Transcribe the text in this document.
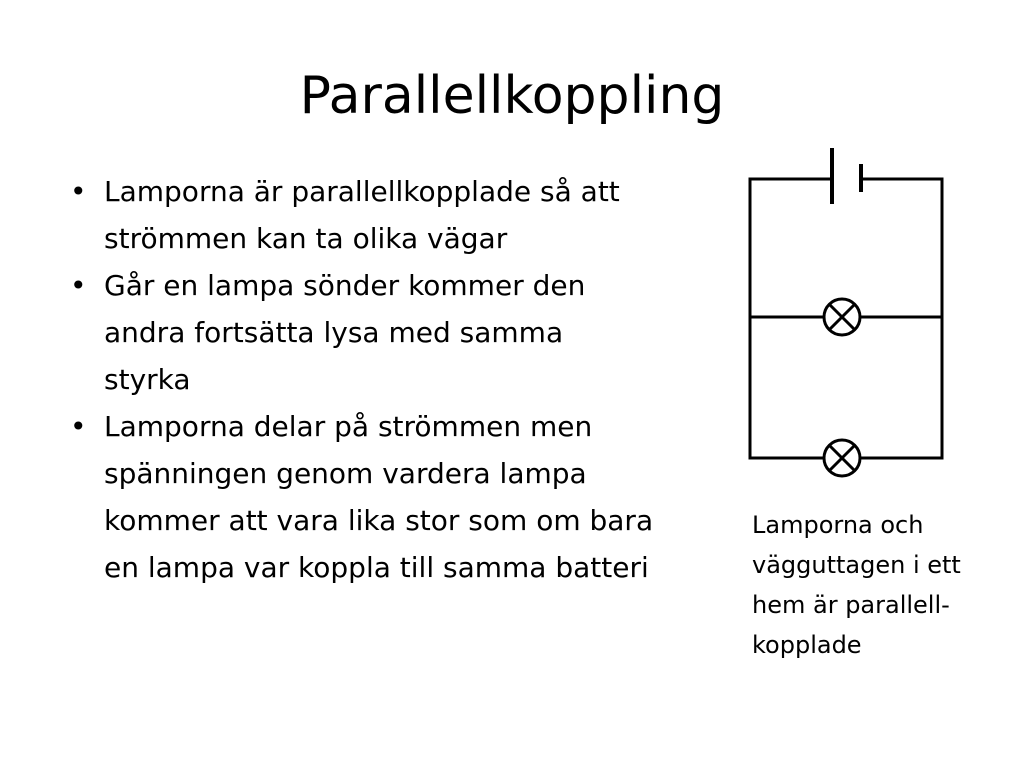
Parallellkoppling
• Lamporna är parallellkopplade så att
strömmen kan ta olika vägar
• Går en lampa sönder kommer den
andra fortsätta lysa med samma
styrka
• Lamporna delar på strömmen men
spänningen genom vardera lampa
kommer att vara lika stor som om bara
en lampa var koppla till samma batteri

Lamporna och
vägguttagen i ett
hem är parallell-
kopplade
